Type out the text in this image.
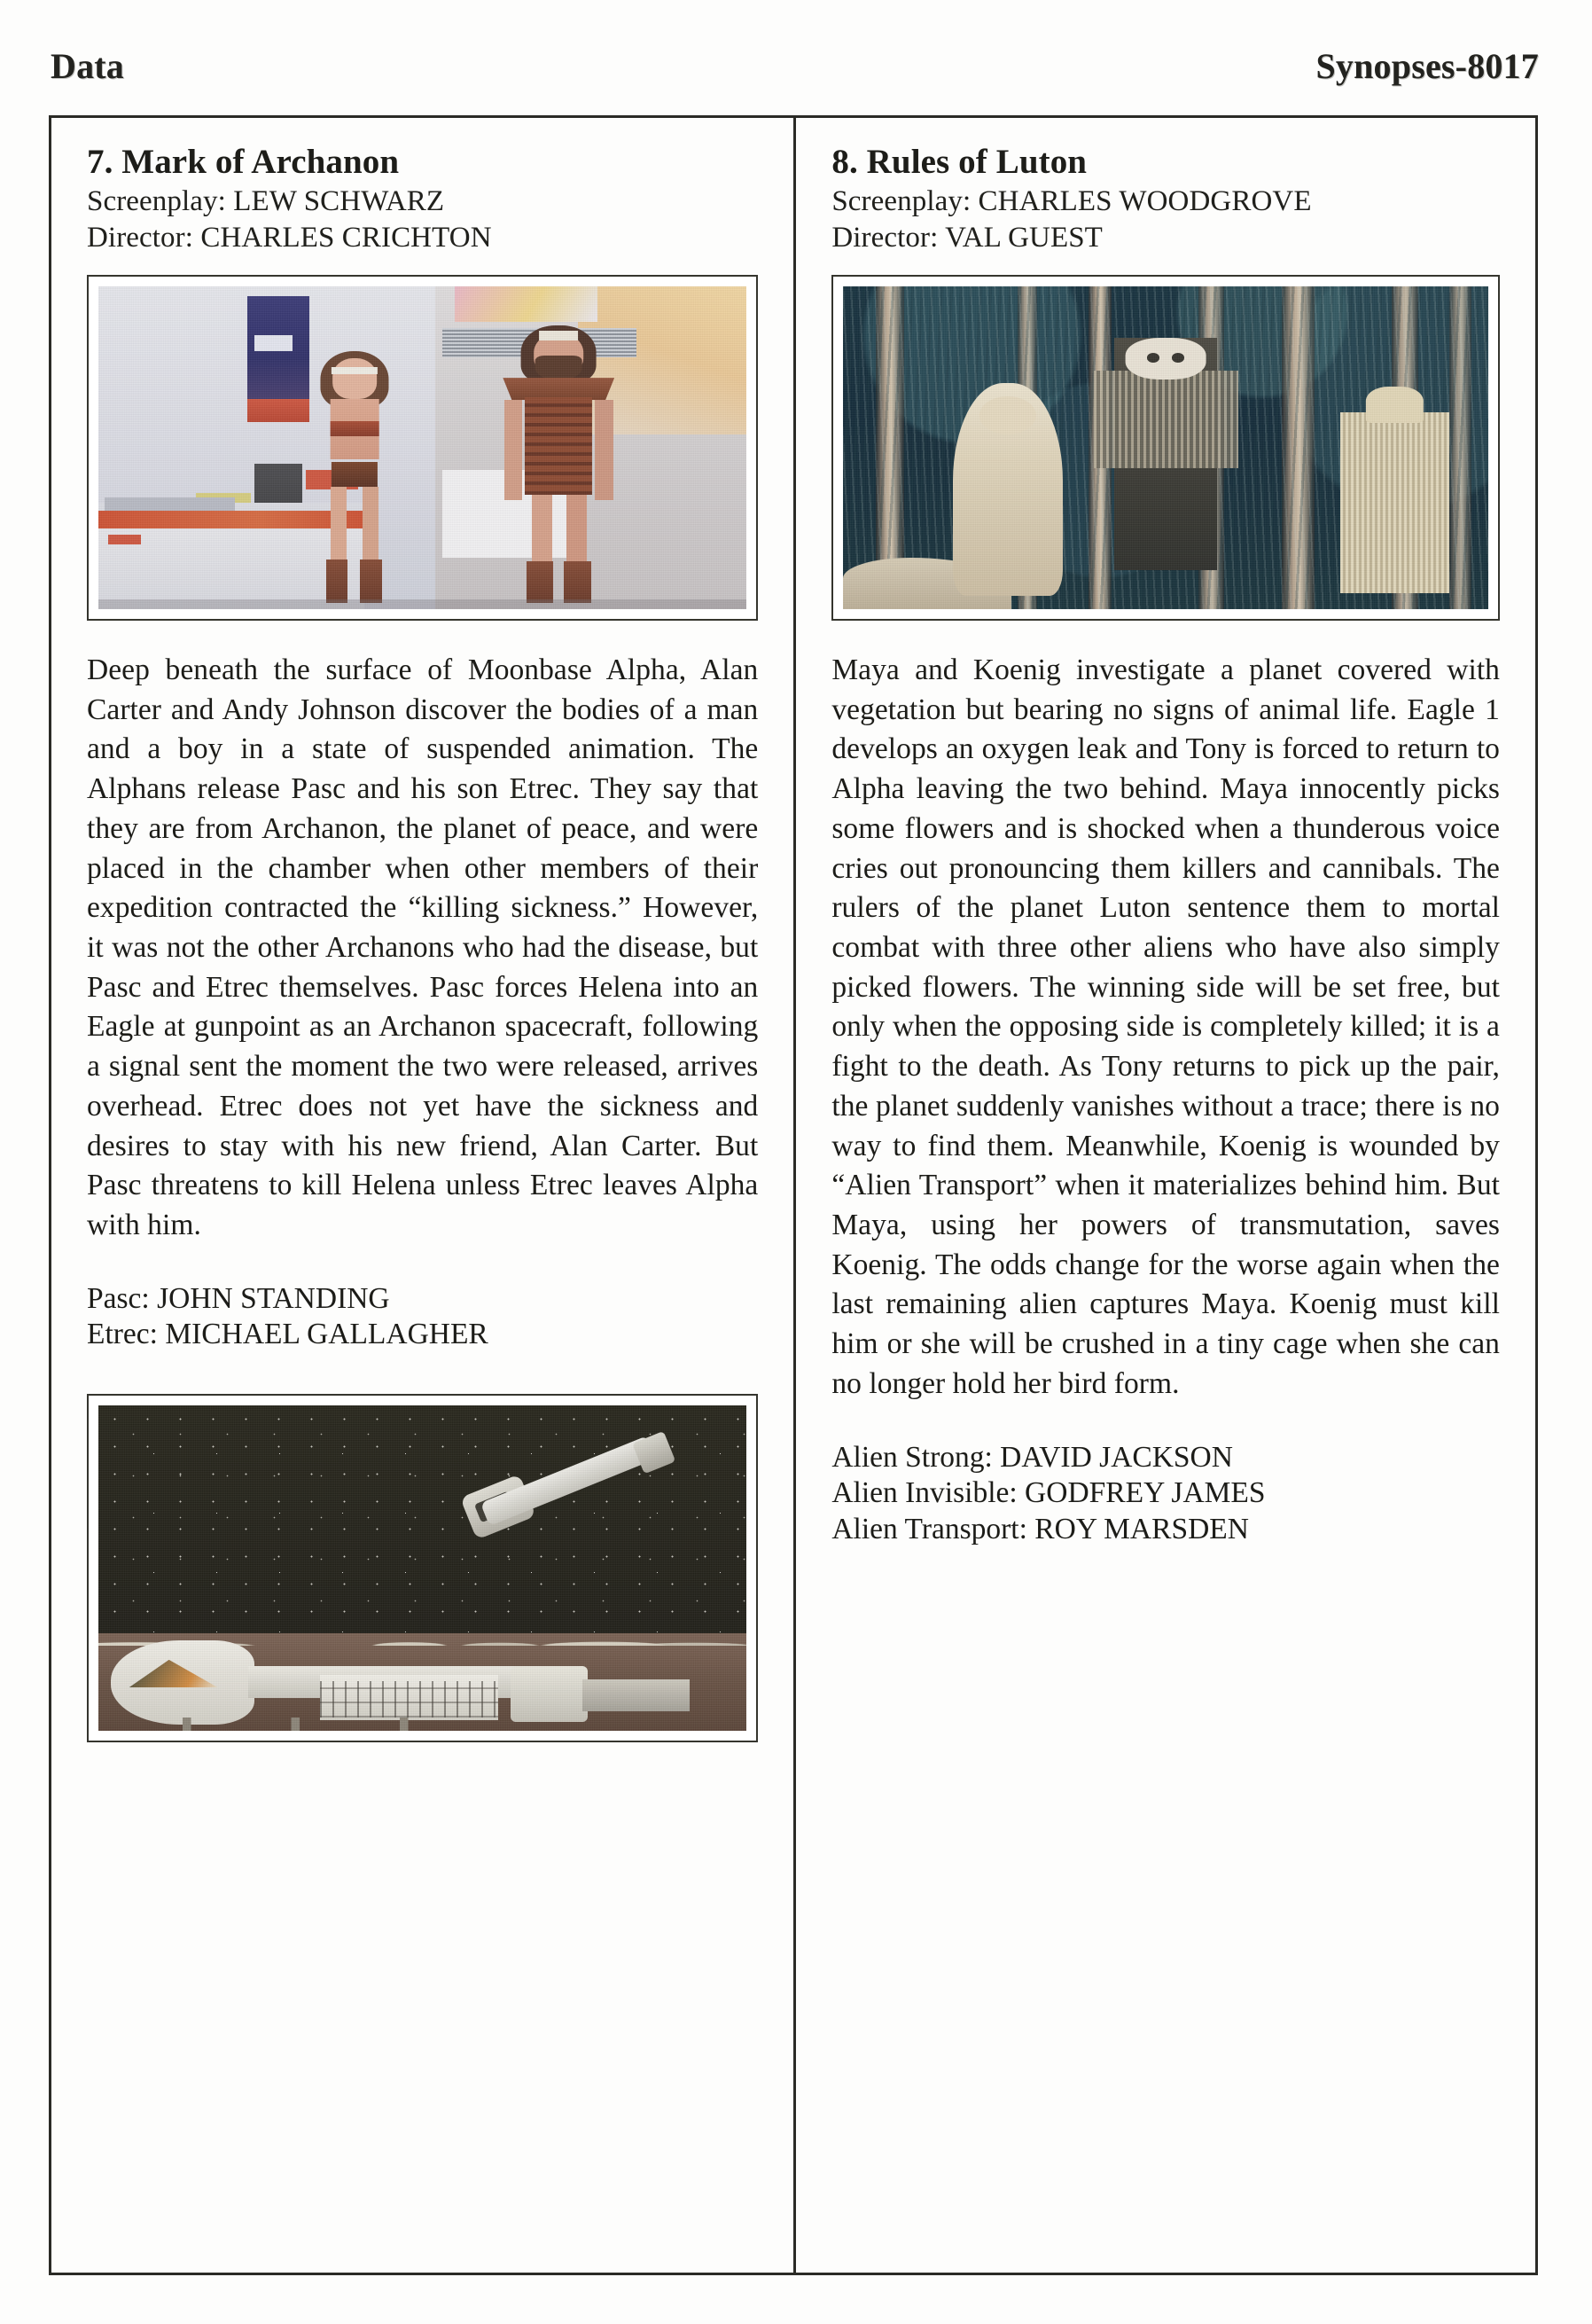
Data	Synopses-8017
7. Mark of Archanon

Screenplay: LEW SCHWARZ

Director: CHARLES CRICHTON

Deep beneath the surface of Moonbase Alpha, Alan Carter and Andy Johnson discover the bodies of a man and a boy in a state of suspended animation. The Alphans release Pasc and his son Etrec. They say that they are from Archanon, the planet of peace, and were placed in the chamber when other members of their expedition contracted the “killing sickness.” However, it was not the other Archanons who had the disease, but Pasc and Etrec themselves. Pasc forces Helena into an Eagle at gunpoint as an Archanon spacecraft, following a signal sent the moment the two were released, arrives overhead. Etrec does not yet have the sickness and desires to stay with his new friend, Alan Carter. But Pasc threatens to kill Helena unless Etrec leaves Alpha with him.

Pasc: JOHN STANDING
Etrec: MICHAEL GALLAGHER
8. Rules of Luton

Screenplay: CHARLES WOODGROVE

Director: VAL GUEST

Maya and Koenig investigate a planet covered with vegetation but bearing no signs of animal life. Eagle 1 develops an oxygen leak and Tony is forced to return to Alpha leaving the two behind. Maya innocently picks some flowers and is shocked when a thunderous voice cries out pronouncing them killers and cannibals. The rulers of the planet Luton sentence them to mortal combat with three other aliens who have also simply picked flowers. The winning side will be set free, but only when the opposing side is completely killed; it is a fight to the death. As Tony returns to pick up the pair, the planet suddenly vanishes without a trace; there is no way to find them. Meanwhile, Koenig is wounded by “Alien Transport” when it materializes behind him. But Maya, using her powers of transmutation, saves Koenig. The odds change for the worse again when the last remaining alien captures Maya. Koenig must kill him or she will be crushed in a tiny cage when she can no longer hold her bird form.

Alien Strong: DAVID JACKSON
Alien Invisible: GODFREY JAMES
Alien Transport: ROY MARSDEN
